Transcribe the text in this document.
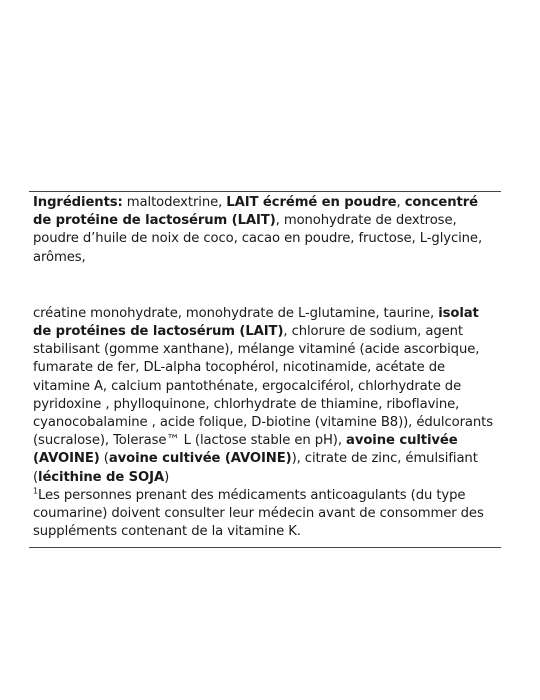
Ingrédients: maltodextrine, LAIT écrémé en poudre, concentré de protéine de lactosérum (LAIT), monohydrate de dextrose, poudre d’huile de noix de coco, cacao en poudre, fructose, L-glycine, arômes,
créatine monohydrate, monohydrate de L-glutamine, taurine, isolat de protéines de lactosérum (LAIT), chlorure de sodium, agent stabilisant (gomme xanthane), mélange vitaminé (acide ascorbique, fumarate de fer, DL-alpha tocophérol, nicotinamide, acétate de vitamine A, calcium pantothénate, ergocalciférol, chlorhydrate de pyridoxine , phylloquinone, chlorhydrate de thiamine, riboflavine, cyanocobalamine , acide folique, D-biotine (vitamine B8)), édulcorants (sucralose), Tolerase™ L (lactose stable en pH), avoine cultivée (AVOINE) (avoine cultivée (AVOINE)), citrate de zinc, émulsifiant (lécithine de SOJA)
$^1$Les personnes prenant des médicaments anticoagulants (du type coumarine) doivent consulter leur médecin avant de consommer des suppléments contenant de la vitamine K.
